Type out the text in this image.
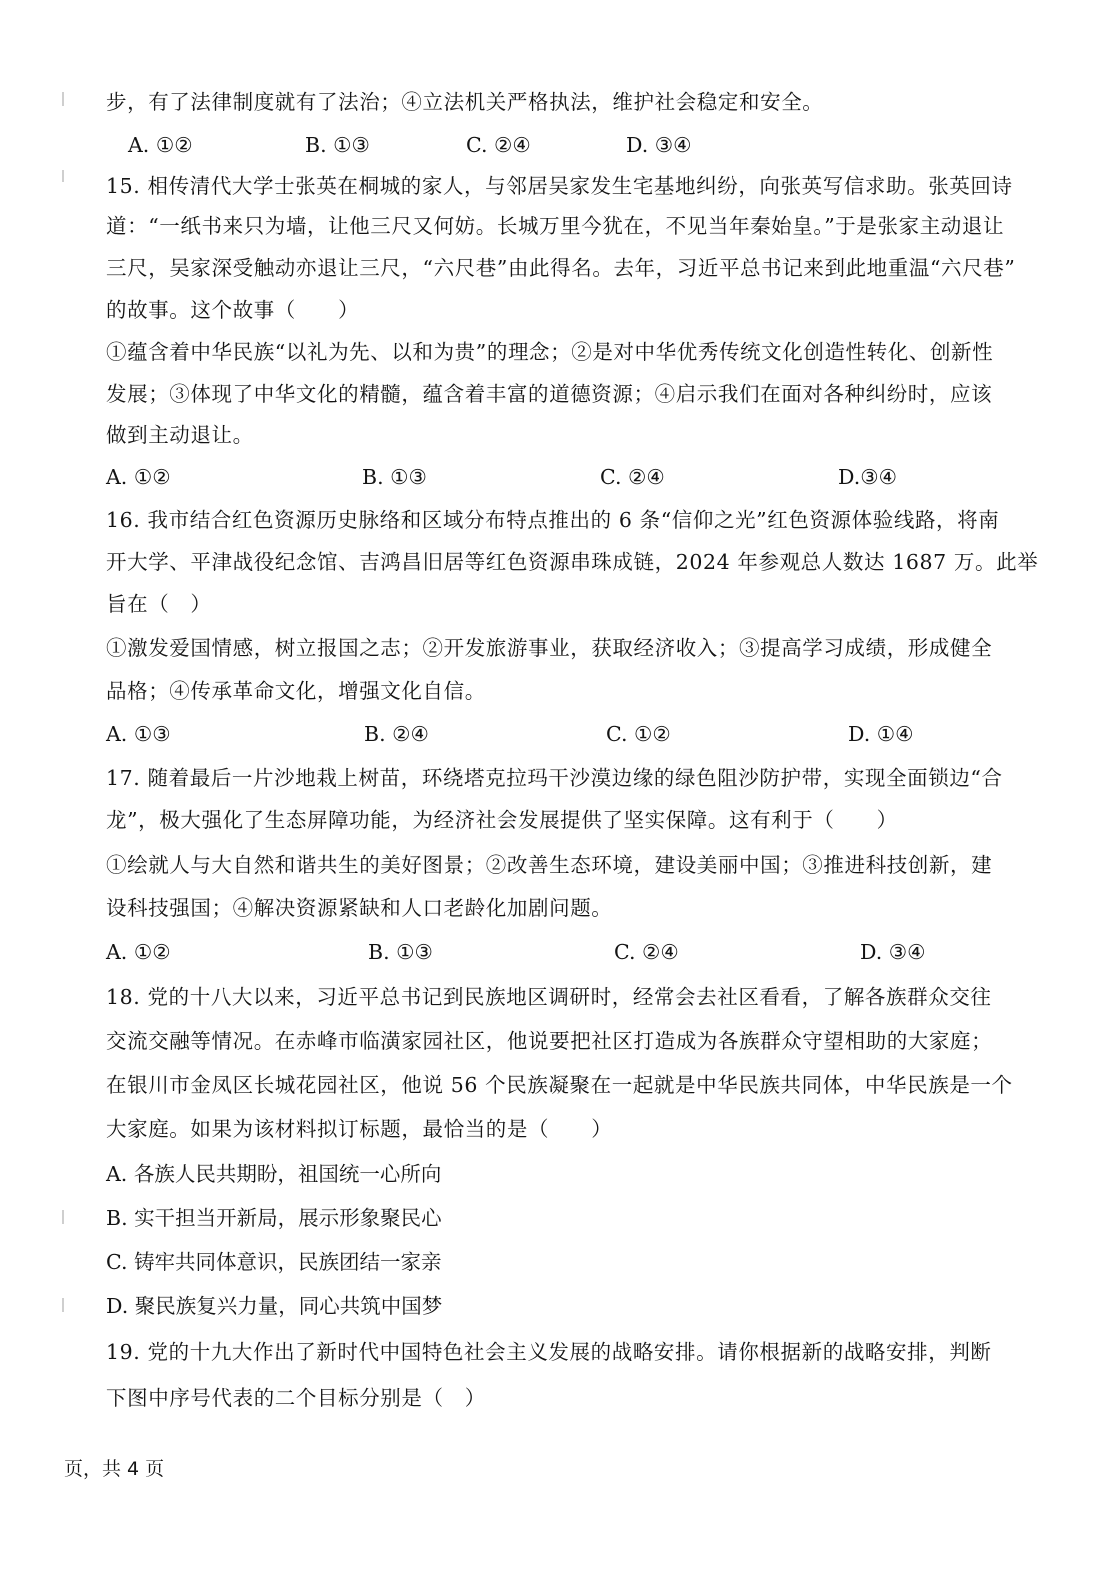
步，有了法律制度就有了法治；④立法机关严格执法，维护社会稳定和安全。
A. ①②	B. ①③	C. ②④	D. ③④
15. 相传清代大学士张英在桐城的家人，与邻居吴家发生宅基地纠纷，向张英写信求助。张英回诗
道：“一纸书来只为墙，让他三尺又何妨。长城万里今犹在，不见当年秦始皇。”于是张家主动退让
三尺，吴家深受触动亦退让三尺，“六尺巷”由此得名。去年，习近平总书记来到此地重温“六尺巷”
的故事。这个故事（　　）
①蕴含着中华民族“以礼为先、以和为贵”的理念；②是对中华优秀传统文化创造性转化、创新性
发展；③体现了中华文化的精髓，蕴含着丰富的道德资源；④启示我们在面对各种纠纷时，应该
做到主动退让。
A. ①②	B. ①③	C. ②④	D.③④
16. 我市结合红色资源历史脉络和区域分布特点推出的 6 条“信仰之光”红色资源体验线路，将南
开大学、平津战役纪念馆、吉鸿昌旧居等红色资源串珠成链，2024 年参观总人数达 1687 万。此举
旨在（　）
①激发爱国情感，树立报国之志；②开发旅游事业，获取经济收入；③提高学习成绩，形成健全
品格；④传承革命文化，增强文化自信。
A. ①③	B. ②④	C. ①②	D. ①④
17. 随着最后一片沙地栽上树苗，环绕塔克拉玛干沙漠边缘的绿色阻沙防护带，实现全面锁边“合
龙”，极大强化了生态屏障功能，为经济社会发展提供了坚实保障。这有利于（　　）
①绘就人与大自然和谐共生的美好图景；②改善生态环境，建设美丽中国；③推进科技创新，建
设科技强国；④解决资源紧缺和人口老龄化加剧问题。
A. ①②	B. ①③	C. ②④	D. ③④
18. 党的十八大以来，习近平总书记到民族地区调研时，经常会去社区看看，了解各族群众交往
交流交融等情况。在赤峰市临潢家园社区，他说要把社区打造成为各族群众守望相助的大家庭；
在银川市金凤区长城花园社区，他说 56 个民族凝聚在一起就是中华民族共同体，中华民族是一个
大家庭。如果为该材料拟订标题，最恰当的是（　　）
A. 各族人民共期盼，祖国统一心所向
B. 实干担当开新局，展示形象聚民心
C. 铸牢共同体意识，民族团结一家亲
D. 聚民族复兴力量，同心共筑中国梦
19. 党的十九大作出了新时代中国特色社会主义发展的战略安排。请你根据新的战略安排，判断
下图中序号代表的二个目标分别是（　）
页，共 4 页
